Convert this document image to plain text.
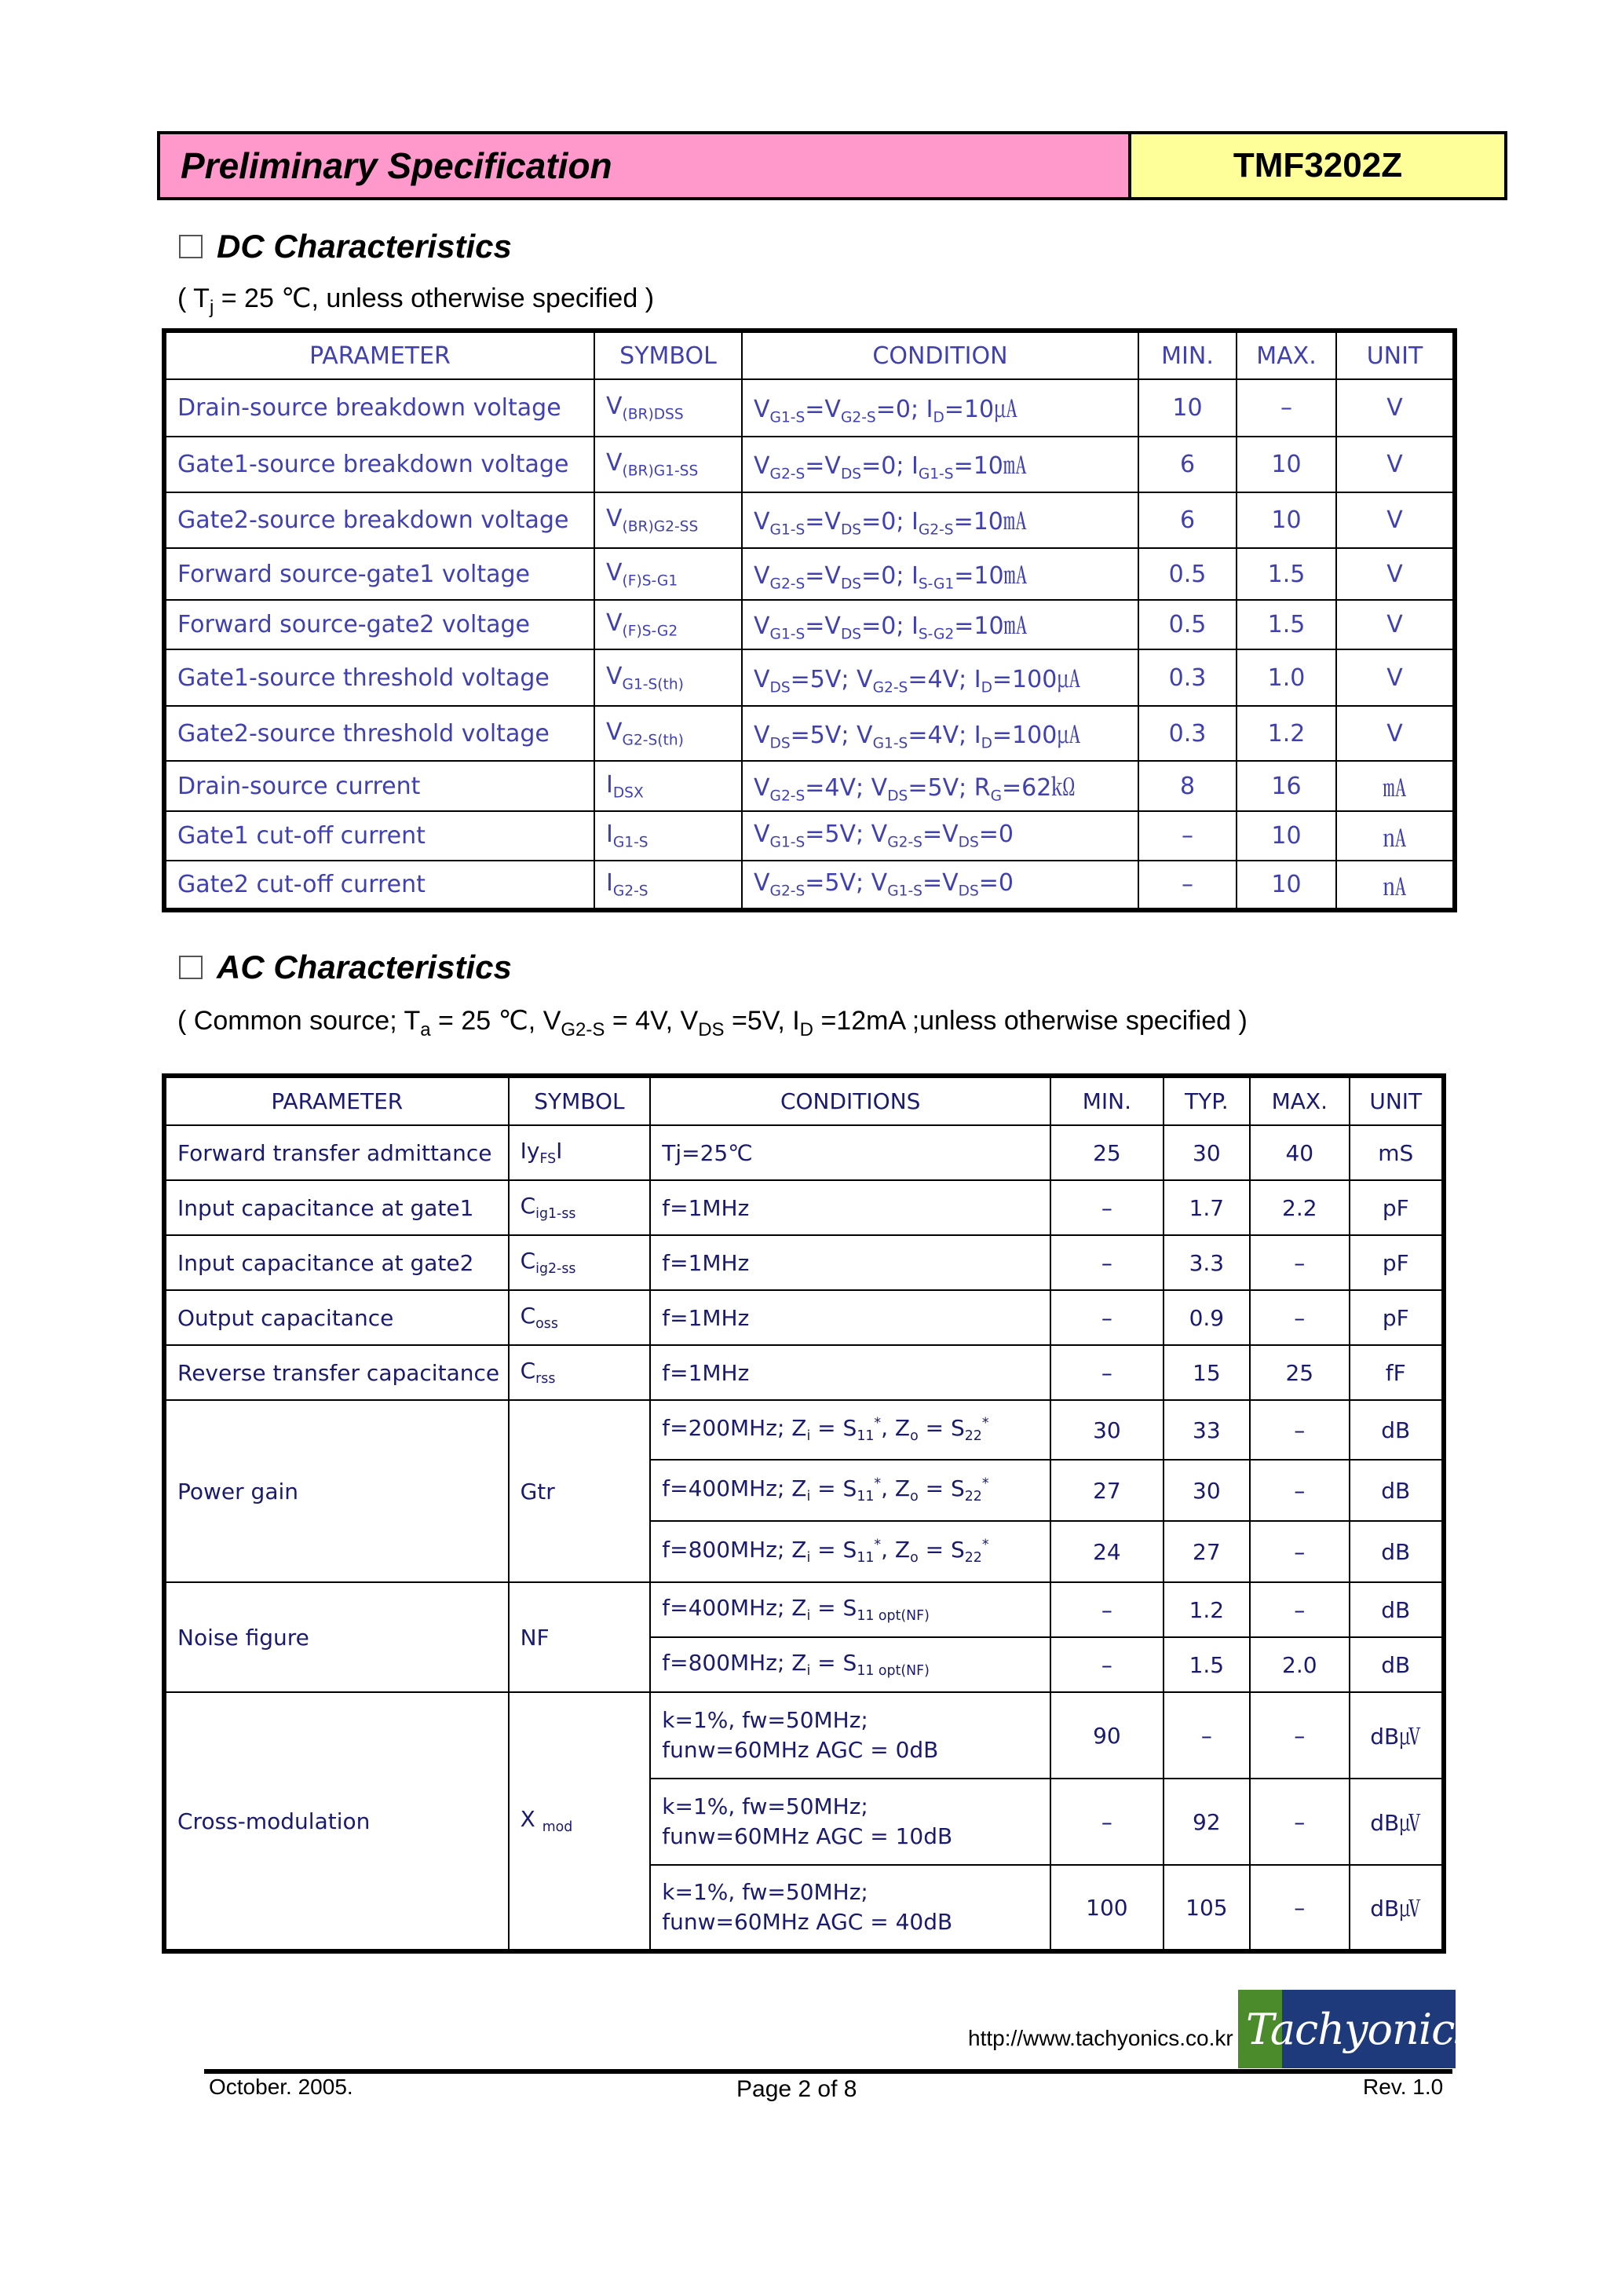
Preliminary Specification	TMF3202Z
DC Characteristics
( $T_j = 25$ ℃, unless otherwise specified )
PARAMETER	SYMBOL	CONDITION	MIN.	MAX.	UNIT
Drain-source breakdown voltage	$V_{(BR)DSS}$	$V_{G1-S}=V_{G2-S}=0$; $I_D=10㎂$	10	–	V
Gate1-source breakdown voltage	$V_{(BR)G1-SS}$	$V_{G2-S}=V_{DS}=0$; $I_{G1-S}=10㎃$	6	10	V
Gate2-source breakdown voltage	$V_{(BR)G2-SS}$	$V_{G1-S}=V_{DS}=0$; $I_{G2-S}=10㎃$	6	10	V
Forward source-gate1 voltage	$V_{(F)S-G1}$	$V_{G2-S}=V_{DS}=0$; $I_{S-G1}=10㎃$	0.5	1.5	V
Forward source-gate2 voltage	$V_{(F)S-G2}$	$V_{G1-S}=V_{DS}=0$; $I_{S-G2}=10㎃$	0.5	1.5	V
Gate1-source threshold voltage	$V_{G1-S(th)}$	$V_{DS}=5V$; $V_{G2-S}=4V$; $I_D=100㎂$	0.3	1.0	V
Gate2-source threshold voltage	$V_{G2-S(th)}$	$V_{DS}=5V$; $V_{G1-S}=4V$; $I_D=100㎂$	0.3	1.2	V
Drain-source current	$I_{DSX}$	$V_{G2-S}=4V$; $V_{DS}=5V$; $R_G=62㏀$	8	16	㎃
Gate1 cut-off current	$I_{G1-S}$	$V_{G1-S}=5V$; $V_{G2-S}=V_{DS}=0$	–	10	㎁
Gate2 cut-off current	$I_{G2-S}$	$V_{G2-S}=5V$; $V_{G1-S}=V_{DS}=0$	–	10	㎁
AC Characteristics
( Common source; $T_a = 25$ ℃, $V_{G2-S} = 4V$, $V_{DS} =5V$, $I_D =12mA$ ;unless otherwise specified )
PARAMETER	SYMBOL	CONDITIONS	MIN.	TYP.	MAX.	UNIT
Forward transfer admittance	$Iy_{FS}I$	Tj=25℃	25	30	40	mS
Input capacitance at gate1	$C_{ig1-ss}$	f=1MHz	–	1.7	2.2	pF
Input capacitance at gate2	$C_{ig2-ss}$	f=1MHz	–	3.3	–	pF
Output capacitance	$C_{oss}$	f=1MHz	–	0.9	–	pF
Reverse transfer capacitance	$C_{rss}$	f=1MHz	–	15	25	fF
Power gain	Gtr	f=200MHz; $Z_i = S_{11}^*$, $Z_o = S_{22}^*$	30	33	–	dB
		f=400MHz; $Z_i = S_{11}^*$, $Z_o = S_{22}^*$	27	30	–	dB
		f=800MHz; $Z_i = S_{11}^*$, $Z_o = S_{22}^*$	24	27	–	dB
Noise figure	NF	f=400MHz; $Z_i = S_{11 opt(NF)}$	–	1.2	–	dB
		f=800MHz; $Z_i = S_{11 opt(NF)}$	–	1.5	2.0	dB
Cross-modulation	X $_{mod}$	k=1%, fw=50MHz;
funw=60MHz AGC = 0dB	90	–	–	dB㎶

		k=1%, fw=50MHz;
funw=60MHz AGC = 10dB	–	92	–	dB㎶

		k=1%, fw=50MHz;
funw=60MHz AGC = 40dB	100	105	–	dB㎶
http://www.tachyonics.co.kr Tachyonics
October. 2005.	Page 2 of 8	Rev. 1.0
